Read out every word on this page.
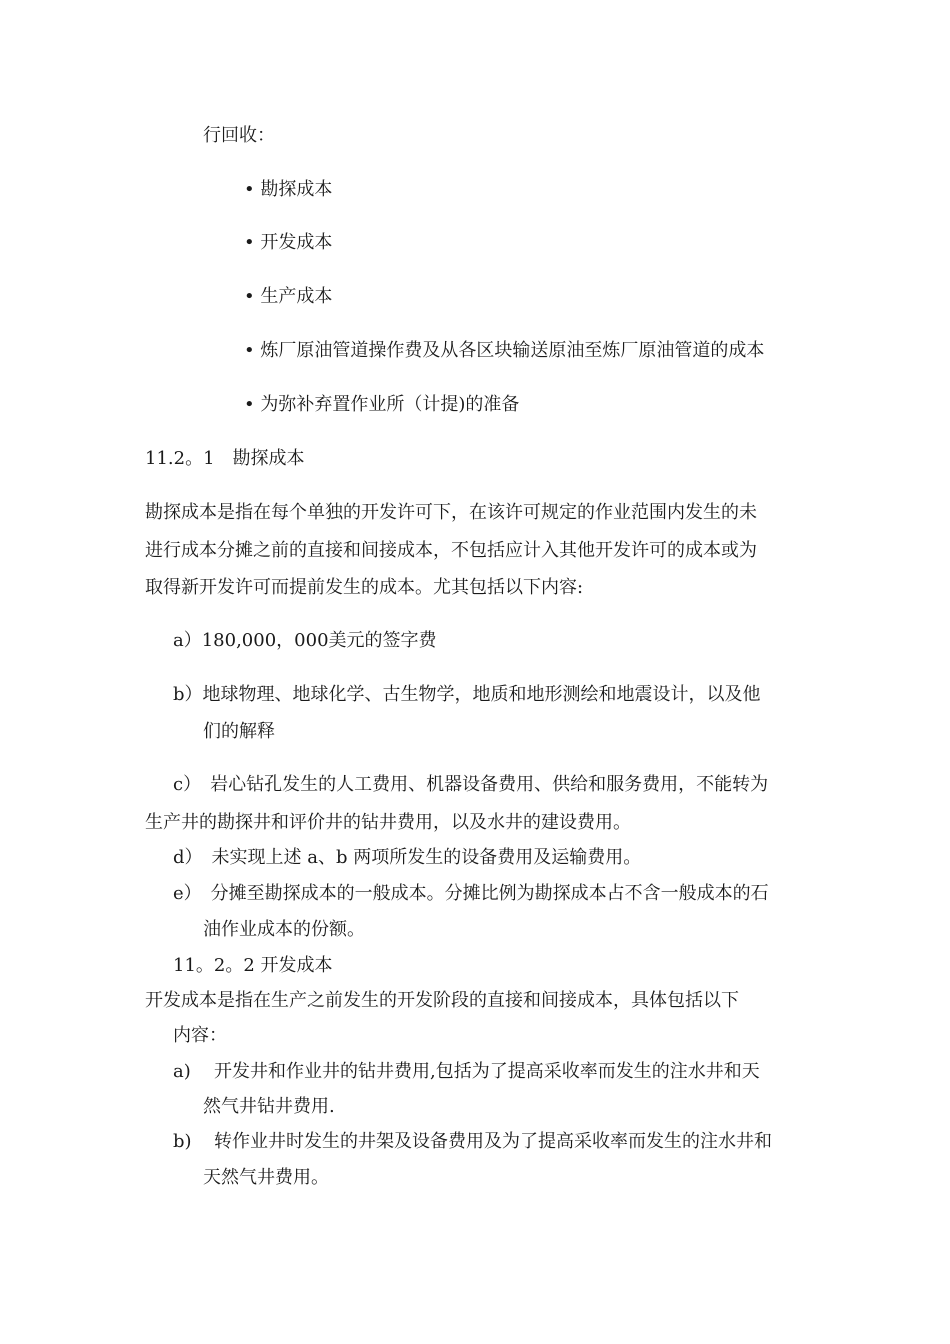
行回收：
• 勘探成本
• 开发成本
• 生产成本
• 炼厂原油管道操作费及从各区块输送原油至炼厂原油管道的成本
• 为弥补弃置作业所（计提)的准备
11.2。1　勘探成本
勘探成本是指在每个单独的开发许可下，在该许可规定的作业范围内发生的未
进行成本分摊之前的直接和间接成本，不包括应计入其他开发许可的成本或为
取得新开发许可而提前发生的成本。尤其包括以下内容:
a）180,000，000美元的签字费
b）地球物理、地球化学、古生物学，地质和地形测绘和地震设计，以及他
们的解释
c）　岩心钻孔发生的人工费用、机器设备费用、供给和服务费用，不能转为
生产井的勘探井和评价井的钻井费用，以及水井的建设费用。
d）　未实现上述 a、b 两项所发生的设备费用及运输费用。
e）　分摊至勘探成本的一般成本。分摊比例为勘探成本占不含一般成本的石
油作业成本的份额。
11。2。2 开发成本
开发成本是指在生产之前发生的开发阶段的直接和间接成本，具体包括以下
内容：
a) 开发井和作业井的钻井费用,包括为了提高采收率而发生的注水井和天
然气井钻井费用.
b) 转作业井时发生的井架及设备费用及为了提高采收率而发生的注水井和
天然气井费用。
